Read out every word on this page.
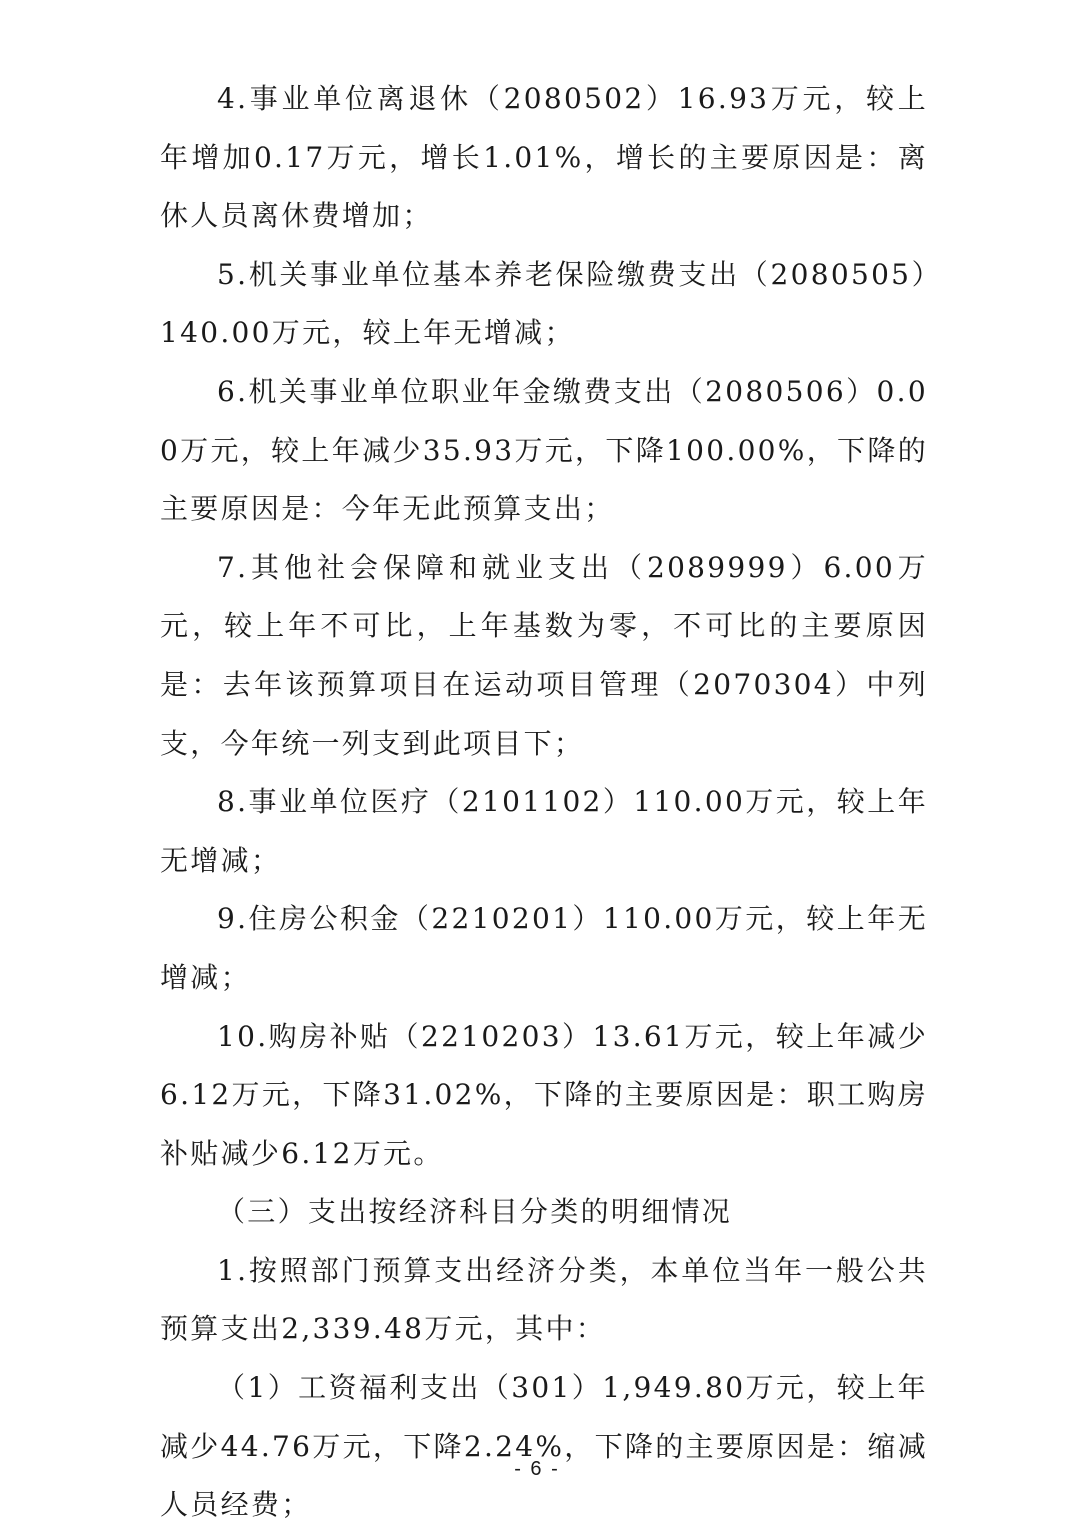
4.事业单位离退休（2080502）16.93万元，较上年增加0.17万元，增长1.01%，增长的主要原因是：离休人员离休费增加；

5.机关事业单位基本养老保险缴费支出（2080505）140.00万元，较上年无增减；

6.机关事业单位职业年金缴费支出（2080506）0.00万元，较上年减少35.93万元，下降100.00%，下降的主要原因是：今年无此预算支出；

7.其他社会保障和就业支出（2089999）6.00万元，较上年不可比，上年基数为零，不可比的主要原因是：去年该预算项目在运动项目管理（2070304）中列支，今年统一列支到此项目下；

8.事业单位医疗（2101102）110.00万元，较上年无增减；

9.住房公积金（2210201）110.00万元，较上年无增减；

10.购房补贴（2210203）13.61万元，较上年减少6.12万元，下降31.02%，下降的主要原因是：职工购房补贴减少6.12万元。

（三）支出按经济科目分类的明细情况

1.按照部门预算支出经济分类，本单位当年一般公共预算支出2,339.48万元，其中：

（1）工资福利支出（301）1,949.80万元，较上年减少44.76万元，下降2.24%，下降的主要原因是：缩减人员经费；

- 6 -
